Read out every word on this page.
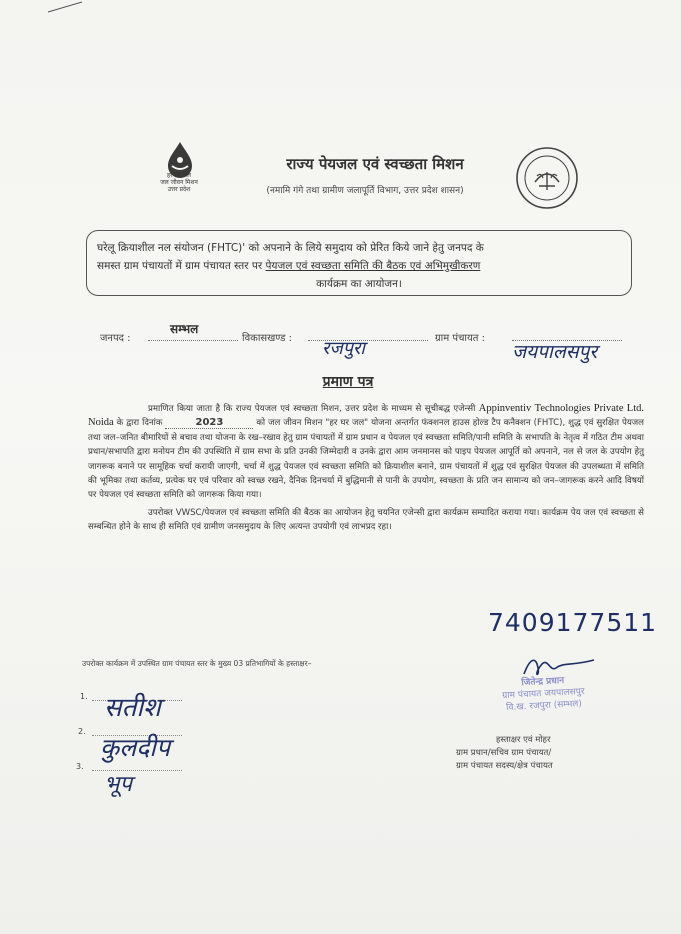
हर घर जल
जल जीवन मिशन
उत्तर प्रदेश
राज्य पेयजल एवं स्वच्छता मिशन
(नमामि गंगे तथा ग्रामीण जलापूर्ति विभाग, उत्तर प्रदेश शासन)
घरेलू क्रियाशील नल संयोजन (FHTC)' को अपनाने के लिये समुदाय को प्रेरित किये जाने हेतु जनपद के
समस्त ग्राम पंचायतों में ग्राम पंचायत स्तर पर पेयजल एवं स्वच्छता समिति की बैठक एवं अभिमुखीकरण
कार्यक्रम का आयोजन।
जनपद :
सम्भल
विकासखण्ड : रजपुरा	ग्राम पंचायत :
जयपालसपुर
प्रमाण पत्र

प्रमाणित किया जाता है कि राज्य पेयजल एवं स्वच्छता मिशन, उत्तर प्रदेश के माध्यम से सूचीबद्ध एजेन्सी Appinventiv Technologies Private Ltd. Noida के द्वारा दिनांक	2023	को जल जीवन मिशन "हर घर जल" योजना अन्तर्गत फंक्शनल हाउस होल्ड टैप कनैक्शन (FHTC), शुद्ध एवं सुरक्षित पेयजल तथा जल–जनित बीमारियों से बचाव तथा योजना के रख–रखाव हेतु ग्राम पंचायतों में ग्राम प्रधान व पेयजल एवं स्वच्छता समिति/पानी समिति के सभापति के नेतृत्व में गठित टीम अथवा प्रधान/सभापति द्वारा मनोयन टीम की उपस्थिति में ग्राम सभा के प्रति उनकी जिम्मेदारी व उनके द्वारा आम जनमानस को पाइप पेयजल आपूर्ति को अपनाने, नल से जल के उपयोग हेतु जागरूक बनाने पर सामूहिक चर्चा करायी जाएगी, चर्चा में शुद्ध पेयजल एवं स्वच्छता समिति को क्रियाशील बनाने, ग्राम पंचायतों में शुद्ध एवं सुरक्षित पेयजल की उपलब्धता में समिति की भूमिका तथा कर्तव्य, प्रत्येक घर एवं परिवार को स्वच्छ रखने, दैनिक दिनचर्या में बुद्धिमानी से पानी के उपयोग, स्वच्छता के प्रति जन सामान्य को जन–जागरूक करने आदि विषयों पर पेयजल एवं स्वच्छता समिति को जागरूक किया गया।

उपरोक्त VWSC/पेयजल एवं स्वच्छता समिति की बैठक का आयोजन हेतु चयनित एजेन्सी द्वारा कार्यक्रम सम्पादित कराया गया। कार्यक्रम पेय जल एवं स्वच्छता से सम्बन्धित होने के साथ ही समिति एवं ग्रामीण जनसमुदाय के लिए अत्यन्त उपयोगी एवं लाभप्रद रहा।

7409177511
उपरोक्त कार्यक्रम में उपस्थित ग्राम पंचायत स्तर के मुख्य 03 प्रतिभागियों के हस्ताक्षर–
1. सतीश
2.
कुलदीप
3.
भूप
जितेन्द्र प्रधान
ग्राम पंचायत जयपालसपुर
वि.ख. रजपुरा (सम्भल)
हस्ताक्षर एवं मोहर
ग्राम प्रधान/सचिव ग्राम पंचायत/
ग्राम पंचायत सदस्य/क्षेत्र पंचायत
